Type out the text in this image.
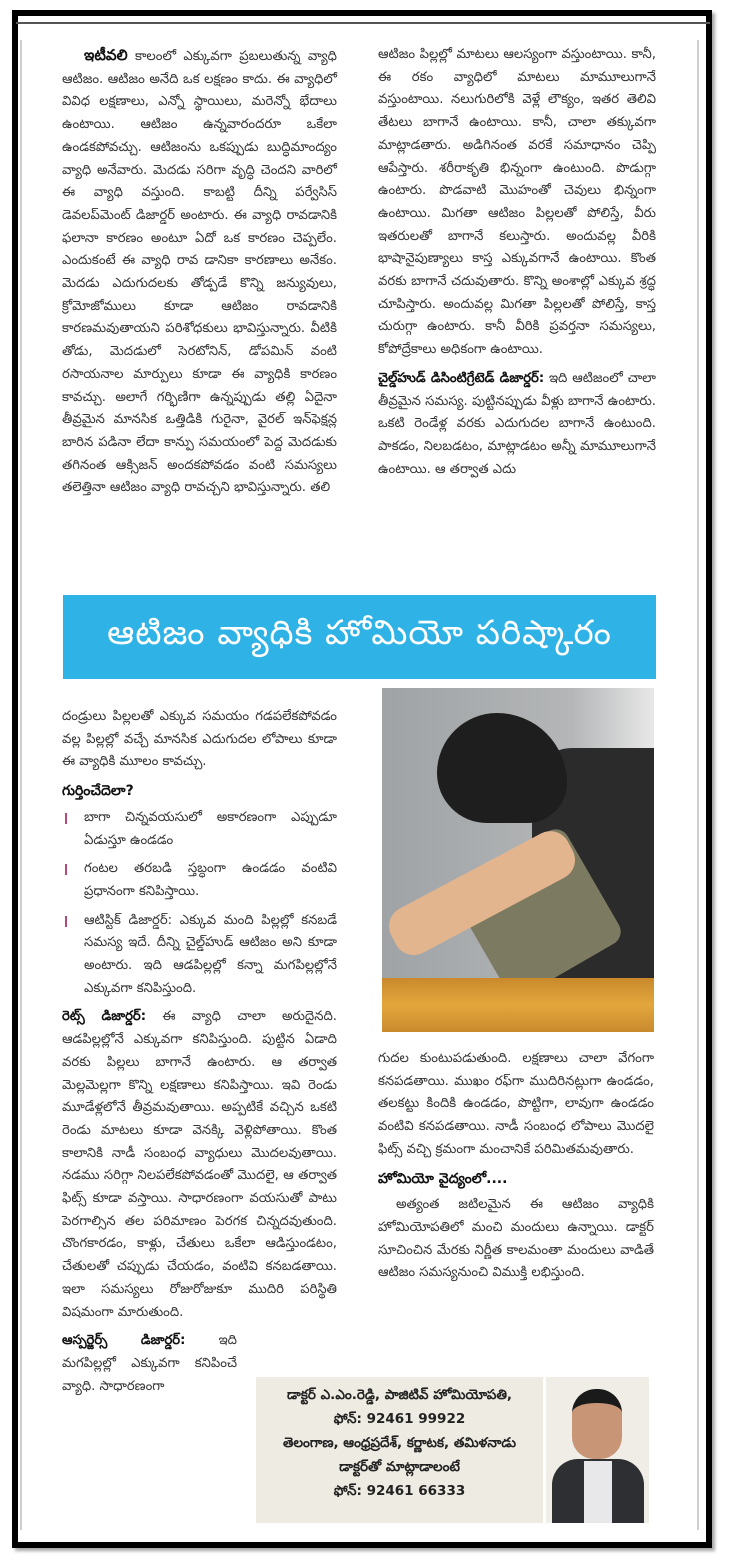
ఇటీవలి కాలంలో ఎక్కువగా ప్రబలుతున్న వ్యాధి ఆటిజం. ఆటిజం అనేది ఒక లక్షణం కాదు. ఈ వ్యాధిలో వివిధ లక్షణాలు, ఎన్నో స్థాయిలు, మరెన్నో భేదాలు ఉంటాయి. ఆటిజం ఉన్నవారందరూ ఒకేలా ఉండకపోవచ్చు. ఆటిజంను ఒకప్పుడు బుద్ధిమాంద్యం వ్యాధి అనేవారు. మెదడు సరిగా వృద్ధి చెందని వారిలో ఈ వ్యాధి వస్తుంది. కాబట్టి దీన్ని పర్వేసిస్ డెవలప్‌మెంట్ డిజార్డర్ అంటారు. ఈ వ్యాధి రావడానికి ఫలానా కారణం అంటూ ఏదో ఒక కారణం చెప్పలేం. ఎందుకంటే ఈ వ్యాధి రావ డానికా కారణాలు అనేకం. మెదడు ఎదుగుదలకు తోడ్పడే కొన్ని జన్యువులు, క్రోమోజోములు కూడా ఆటిజం రావడానికి కారణమవుతాయని పరిశోధకులు భావిస్తున్నారు. వీటికి తోడు, మెదడులో సెరటోనిన్, డోపమిన్ వంటి రసాయనాల మార్పులు కూడా ఈ వ్యాధికి కారణం కావచ్చు. అలాగే గర్భిణిగా ఉన్నప్పుడు తల్లి ఏదైనా తీవ్రమైన మానసిక ఒత్తిడికి గురైనా, వైరల్ ఇన్‌ఫెక్షన్ల బారిన పడినా లేదా కాన్పు సమయంలో పెద్ద మెదడుకు తగినంత ఆక్సిజన్ అందకపోవడం వంటి సమస్యలు తలెత్తినా ఆటిజం వ్యాధి రావచ్చని భావిస్తున్నారు. తలి

ఆటిజం పిల్లల్లో మాటలు ఆలస్యంగా వస్తుంటాయి. కానీ, ఈ రకం వ్యాధిలో మాటలు మామూలుగానే వస్తుంటాయి. నలుగురిలోకి వెళ్లే లౌక్యం, ఇతర తెలివి తేటలు బాగానే ఉంటాయి. కానీ, చాలా తక్కువగా మాట్లాడతారు. అడిగినంత వరకే సమాధానం చెప్పి ఆపేస్తారు. శరీరాకృతి భిన్నంగా ఉంటుంది. పొడుగ్గా ఉంటారు. పొడవాటి మొహంతో చెవులు భిన్నంగా ఉంటాయి. మిగతా ఆటిజం పిల్లలతో పోలిస్తే, వీరు ఇతరులతో బాగానే కలుస్తారు. అందువల్ల వీరికి భాషానైపుణ్యాలు కాస్త ఎక్కువగానే ఉంటాయి. కొంత వరకు బాగానే చదువుతారు. కొన్ని అంశాల్లో ఎక్కువ శ్రద్ధ చూపిస్తారు. అందువల్ల మిగతా పిల్లలతో పోలిస్తే, కాస్త చురుగ్గా ఉంటారు. కానీ వీరికి ప్రవర్తనా సమస్యలు, కోపోద్రేకాలు అధికంగా ఉంటాయి.

చైల్డ్‌హుడ్ డిసింటిగ్రేటెడ్ డిజార్డర్: ఇది ఆటిజంలో చాలా తీవ్రమైన సమస్య. పుట్టినప్పుడు వీళ్లు బాగానే ఉంటారు. ఒకటి రెండేళ్ల వరకు ఎదుగుదల బాగానే ఉంటుంది. పాకడం, నిలబడటం, మాట్లాడటం అన్నీ మామూలుగానే ఉంటాయి. ఆ తర్వాత ఎదు

ఆటిజం వ్యాధికి హోమియో పరిష్కారం

దండ్రులు పిల్లలతో ఎక్కువ సమయం గడపలేకపోవడం వల్ల పిల్లల్లో వచ్చే మానసిక ఎదుగుదల లోపాలు కూడా ఈ వ్యాధికి మూలం కావచ్చు.

గుర్తించేదెలా?
బాగా చిన్నవయసులో అకారణంగా ఎప్పుడూ ఏడుస్తూ ఉండడం
గంటల తరబడి స్తబ్ధంగా ఉండడం వంటివి ప్రధానంగా కనిపిస్తాయి.
ఆటిస్టిక్ డిజార్డర్: ఎక్కువ మంది పిల్లల్లో కనబడే సమస్య ఇదే. దీన్ని చైల్డ్‌హుడ్ ఆటిజం అని కూడా అంటారు. ఇది ఆడపిల్లల్లో కన్నా మగపిల్లల్లోనే ఎక్కువగా కనిపిస్తుంది.

రెట్స్ డిజార్డర్: ఈ వ్యాధి చాలా అరుదైనది. ఆడపిల్లల్లోనే ఎక్కువగా కనిపిస్తుంది. పుట్టిన ఏడాది వరకు పిల్లలు బాగానే ఉంటారు. ఆ తర్వాత మెల్లమెల్లగా కొన్ని లక్షణాలు కనిపిస్తాయి. ఇవి రెండు మూడేళ్లలోనే తీవ్రమవుతాయి. అప్పటికే వచ్చిన ఒకటి రెండు మాటలు కూడా వెనక్కి వెళ్లిపోతాయి. కొంత కాలానికి నాడీ సంబంధ వ్యాధులు మొదలవుతాయి. నడము సరిగ్గా నిలపలేకపోవడంతో మొదలై, ఆ తర్వాత ఫిట్స్ కూడా వస్తాయి. సాధారణంగా వయసుతో పాటు పెరగాల్సిన తల పరిమాణం పెరగక చిన్నదవుతుంది. చొంగకారడం, కాళ్లు, చేతులు ఒకేలా ఆడిస్తుండటం, చేతులతో చప్పుడు చేయడం, వంటివి కనబడతాయి. ఇలా సమస్యలు రోజురోజుకూ ముదిరి పరిస్థితి విషమంగా మారుతుంది.

ఆస్పర్జెర్స్ డిజార్డర్:	ఇది మగపిల్లల్లో ఎక్కువగా కనిపించే వ్యాధి. సాధారణంగా

గుదల కుంటుపడుతుంది. లక్షణాలు చాలా వేగంగా కనపడతాయి. ముఖం రఫ్‌గా ముదిరినట్లుగా ఉండడం, తలకట్టు కిందికి ఉండడం, పొట్టిగా, లావుగా ఉండడం వంటివి కనపడతాయి. నాడీ సంబంధ లోపాలు మొదలై ఫిట్స్ వచ్చి క్రమంగా మంచానికే పరిమితమవుతారు.

హోమియో వైద్యంలో....

అత్యంత జటిలమైన ఈ ఆటిజం వ్యాధికి హోమియోపతిలో మంచి మందులు ఉన్నాయి. డాక్టర్ సూచించిన మేరకు నిర్ణీత కాలమంతా మందులు వాడితే ఆటిజం సమస్యనుంచి విముక్తి లభిస్తుంది.

డాక్టర్ ఎ.ఎం.రెడ్డి, పాజిటివ్ హోమియోపతి,
ఫోన్: 92461 99922
తెలంగాణ, ఆంధ్రప్రదేశ్, కర్ణాటక, తమిళనాడు
డాక్టర్‌తో మాట్లాడాలంటే
ఫోన్: 92461 66333
